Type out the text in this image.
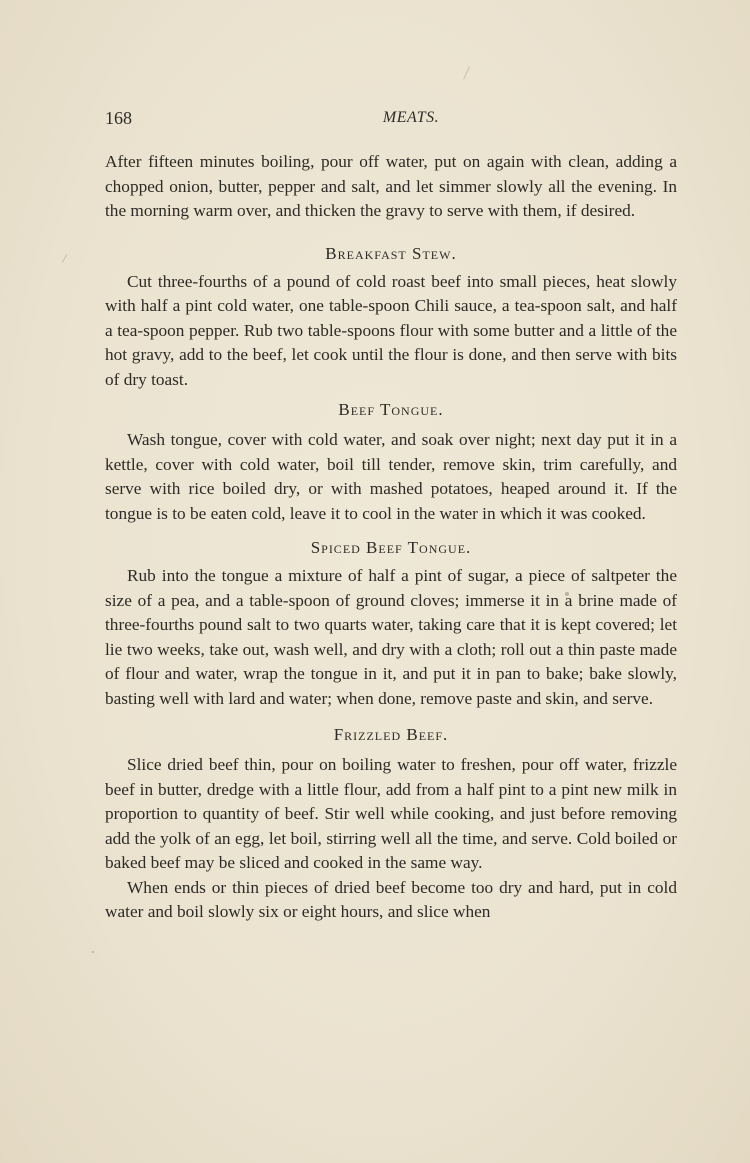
168	MEATS.

After fifteen minutes boiling, pour off water, put on again with clean, adding a chopped onion, butter, pepper and salt, and let simmer slowly all the evening. In the morning warm over, and thicken the gravy to serve with them, if desired.

Breakfast Stew.

Cut three-fourths of a pound of cold roast beef into small pieces, heat slowly with half a pint cold water, one table-spoon Chili sauce, a tea-spoon salt, and half a tea-spoon pepper. Rub two table-spoons flour with some butter and a little of the hot gravy, add to the beef, let cook until the flour is done, and then serve with bits of dry toast.

Beef Tongue.

Wash tongue, cover with cold water, and soak over night; next day put it in a kettle, cover with cold water, boil till tender, remove skin, trim carefully, and serve with rice boiled dry, or with mashed potatoes, heaped around it. If the tongue is to be eaten cold, leave it to cool in the water in which it was cooked.

Spiced Beef Tongue.

Rub into the tongue a mixture of half a pint of sugar, a piece of saltpeter the size of a pea, and a table-spoon of ground cloves; immerse it in a brine made of three-fourths pound salt to two quarts water, taking care that it is kept covered; let lie two weeks, take out, wash well, and dry with a cloth; roll out a thin paste made of flour and water, wrap the tongue in it, and put it in pan to bake; bake slowly, basting well with lard and water; when done, remove paste and skin, and serve.

Frizzled Beef.

Slice dried beef thin, pour on boiling water to freshen, pour off water, frizzle beef in butter, dredge with a little flour, add from a half pint to a pint new milk in proportion to quantity of beef. Stir well while cooking, and just before removing add the yolk of an egg, let boil, stirring well all the time, and serve. Cold boiled or baked beef may be sliced and cooked in the same way.

When ends or thin pieces of dried beef become too dry and hard, put in cold water and boil slowly six or eight hours, and slice when
